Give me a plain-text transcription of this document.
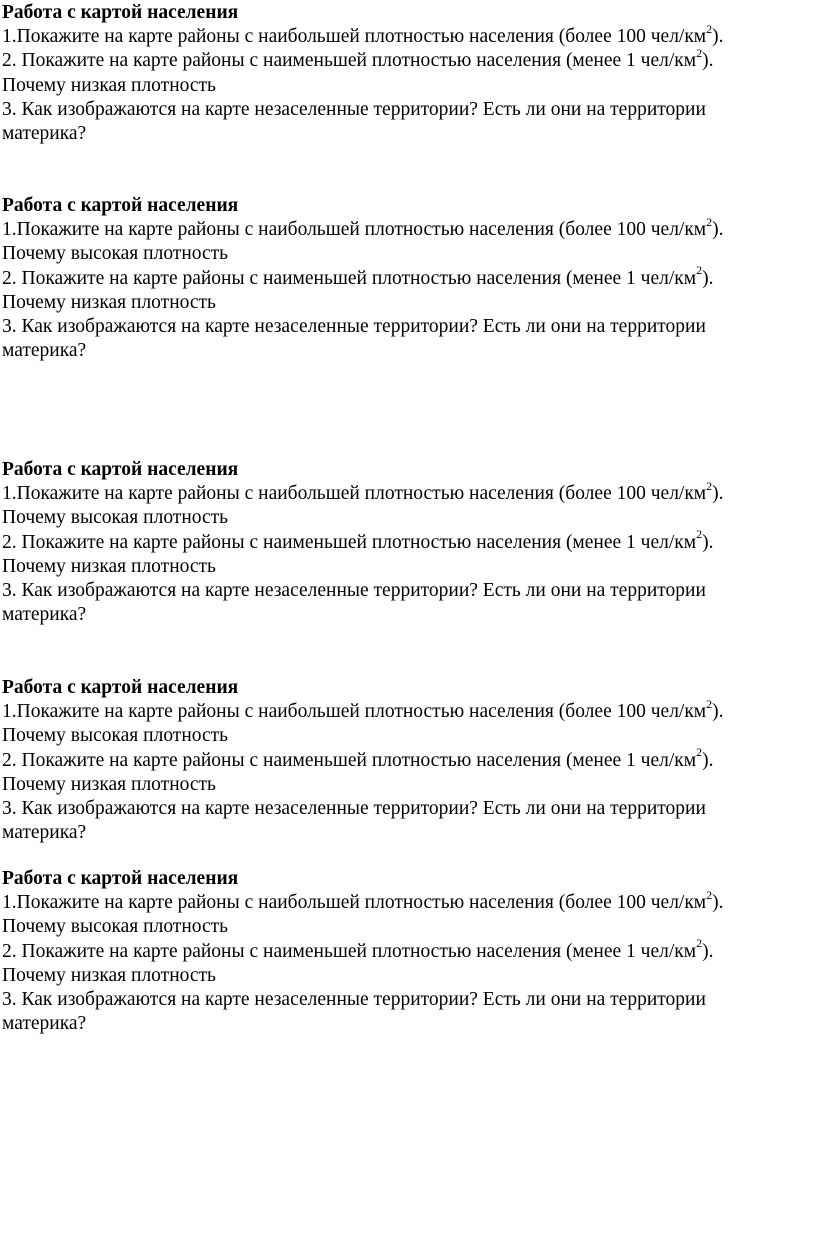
Работа с картой населения

1.Покажите на карте районы с наибольшей плотностью населения (более 100 чел/$км^2$).

2. Покажите на карте районы с наименьшей плотностью населения (менее 1 чел/$км^2$).

Почему низкая плотность

3. Как изображаются на карте незаселенные территории? Есть ли они на территории

материка?

Работа с картой населения

1.Покажите на карте районы с наибольшей плотностью населения (более 100 чел/$км^2$).

Почему высокая плотность

2. Покажите на карте районы с наименьшей плотностью населения (менее 1 чел/$км^2$).

Почему низкая плотность

3. Как изображаются на карте незаселенные территории? Есть ли они на территории

материка?

Работа с картой населения

1.Покажите на карте районы с наибольшей плотностью населения (более 100 чел/$км^2$).

Почему высокая плотность

2. Покажите на карте районы с наименьшей плотностью населения (менее 1 чел/$км^2$).

Почему низкая плотность

3. Как изображаются на карте незаселенные территории? Есть ли они на территории

материка?

Работа с картой населения

1.Покажите на карте районы с наибольшей плотностью населения (более 100 чел/$км^2$).

Почему высокая плотность

2. Покажите на карте районы с наименьшей плотностью населения (менее 1 чел/$км^2$).

Почему низкая плотность

3. Как изображаются на карте незаселенные территории? Есть ли они на территории

материка?

Работа с картой населения

1.Покажите на карте районы с наибольшей плотностью населения (более 100 чел/$км^2$).

Почему высокая плотность

2. Покажите на карте районы с наименьшей плотностью населения (менее 1 чел/$км^2$).

Почему низкая плотность

3. Как изображаются на карте незаселенные территории? Есть ли они на территории

материка?
